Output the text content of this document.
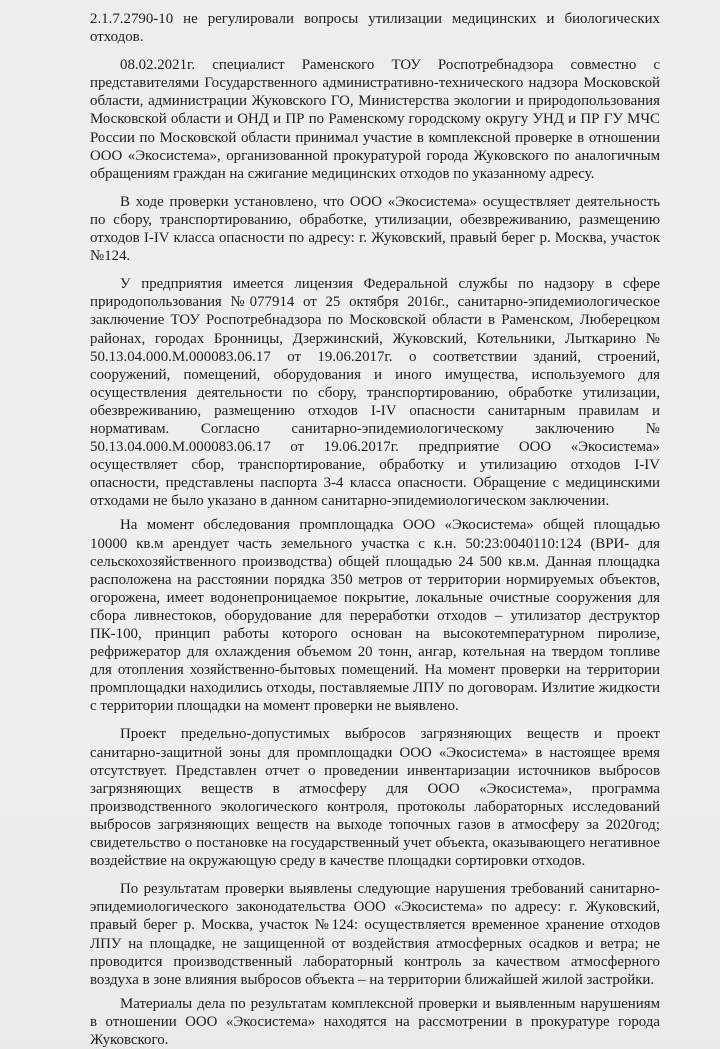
2.1.7.2790-10 не регулировали вопросы утилизации медицинских и биологических отходов.

08.02.2021г. специалист Раменского ТОУ Роспотребнадзора совместно с представителями Государственного административно-технического надзора Московской области, администрации Жуковского ГО, Министерства экологии и природопользования Московской области и ОНД и ПР по Раменскому городскому округу УНД и ПР ГУ МЧС России по Московской области принимал участие в комплексной проверке в отношении ООО «Экосистема», организованной прокуратурой города Жуковского по аналогичным обращениям граждан на сжигание медицинских отходов по указанному адресу.

В ходе проверки установлено, что ООО «Экосистема» осуществляет деятельность по сбору, транспортированию, обработке, утилизации, обезвреживанию, размещению отходов I-IV класса опасности по адресу: г. Жуковский, правый берег р. Москва, участок №124.

У предприятия имеется лицензия Федеральной службы по надзору в сфере природопользования №077914 от 25 октября 2016г., санитарно-эпидемиологическое заключение ТОУ Роспотребнадзора по Московской области в Раменском, Люберецком районах, городах Бронницы, Дзержинский, Жуковский, Котельники, Лыткарино № 50.13.04.000.М.000083.06.17 от 19.06.2017г. о соответствии зданий, строений, сооружений, помещений, оборудования и иного имущества, используемого для осуществления деятельности по сбору, транспортированию, обработке утилизации, обезвреживанию, размещению отходов I-IV опасности санитарным правилам и нормативам. Согласно санитарно-эпидемиологическому заключению № 50.13.04.000.М.000083.06.17 от 19.06.2017г. предприятие ООО «Экосистема» осуществляет сбор, транспортирование, обработку и утилизацию отходов I-IV опасности, представлены паспорта 3-4 класса опасности. Обращение с медицинскими отходами не было указано в данном санитарно-эпидемиологическом заключении.

На момент обследования промплощадка ООО «Экосистема» общей площадью 10000 кв.м арендует часть земельного участка с к.н. 50:23:0040110:124 (ВРИ- для сельскохозяйственного производства) общей площадью 24 500 кв.м. Данная площадка расположена на расстоянии порядка 350 метров от территории нормируемых объектов, огорожена, имеет водонепроницаемое покрытие, локальные очистные сооружения для сбора ливнестоков, оборудование для переработки отходов – утилизатор деструктор ПК-100, принцип работы которого основан на высокотемпературном пиролизе, рефрижератор для охлаждения объемом 20 тонн, ангар, котельная на твердом топливе для отопления хозяйственно-бытовых помещений. На момент проверки на территории промплощадки находились отходы, поставляемые ЛПУ по договорам. Излитие жидкости с территории площадки на момент проверки не выявлено.

Проект предельно-допустимых выбросов загрязняющих веществ и проект санитарно-защитной зоны для промплощадки ООО «Экосистема» в настоящее время отсутствует. Представлен отчет о проведении инвентаризации источников выбросов загрязняющих веществ в атмосферу для ООО «Экосистема», программа производственного экологического контроля, протоколы лабораторных исследований выбросов загрязняющих веществ на выходе топочных газов в атмосферу за 2020год; свидетельство о постановке на государственный учет объекта, оказывающего негативное воздействие на окружающую среду в качестве площадки сортировки отходов.

По результатам проверки выявлены следующие нарушения требований санитарно-эпидемиологического законодательства ООО «Экосистема» по адресу: г. Жуковский, правый берег р. Москва, участок №124: осуществляется временное хранение отходов ЛПУ на площадке, не защищенной от воздействия атмосферных осадков и ветра; не проводится производственный лабораторный контроль за качеством атмосферного воздуха в зоне влияния выбросов объекта – на территории ближайшей жилой застройки.

Материалы дела по результатам комплексной проверки и выявленным нарушениям в отношении ООО «Экосистема» находятся на рассмотрении в прокуратуре города Жуковского.
